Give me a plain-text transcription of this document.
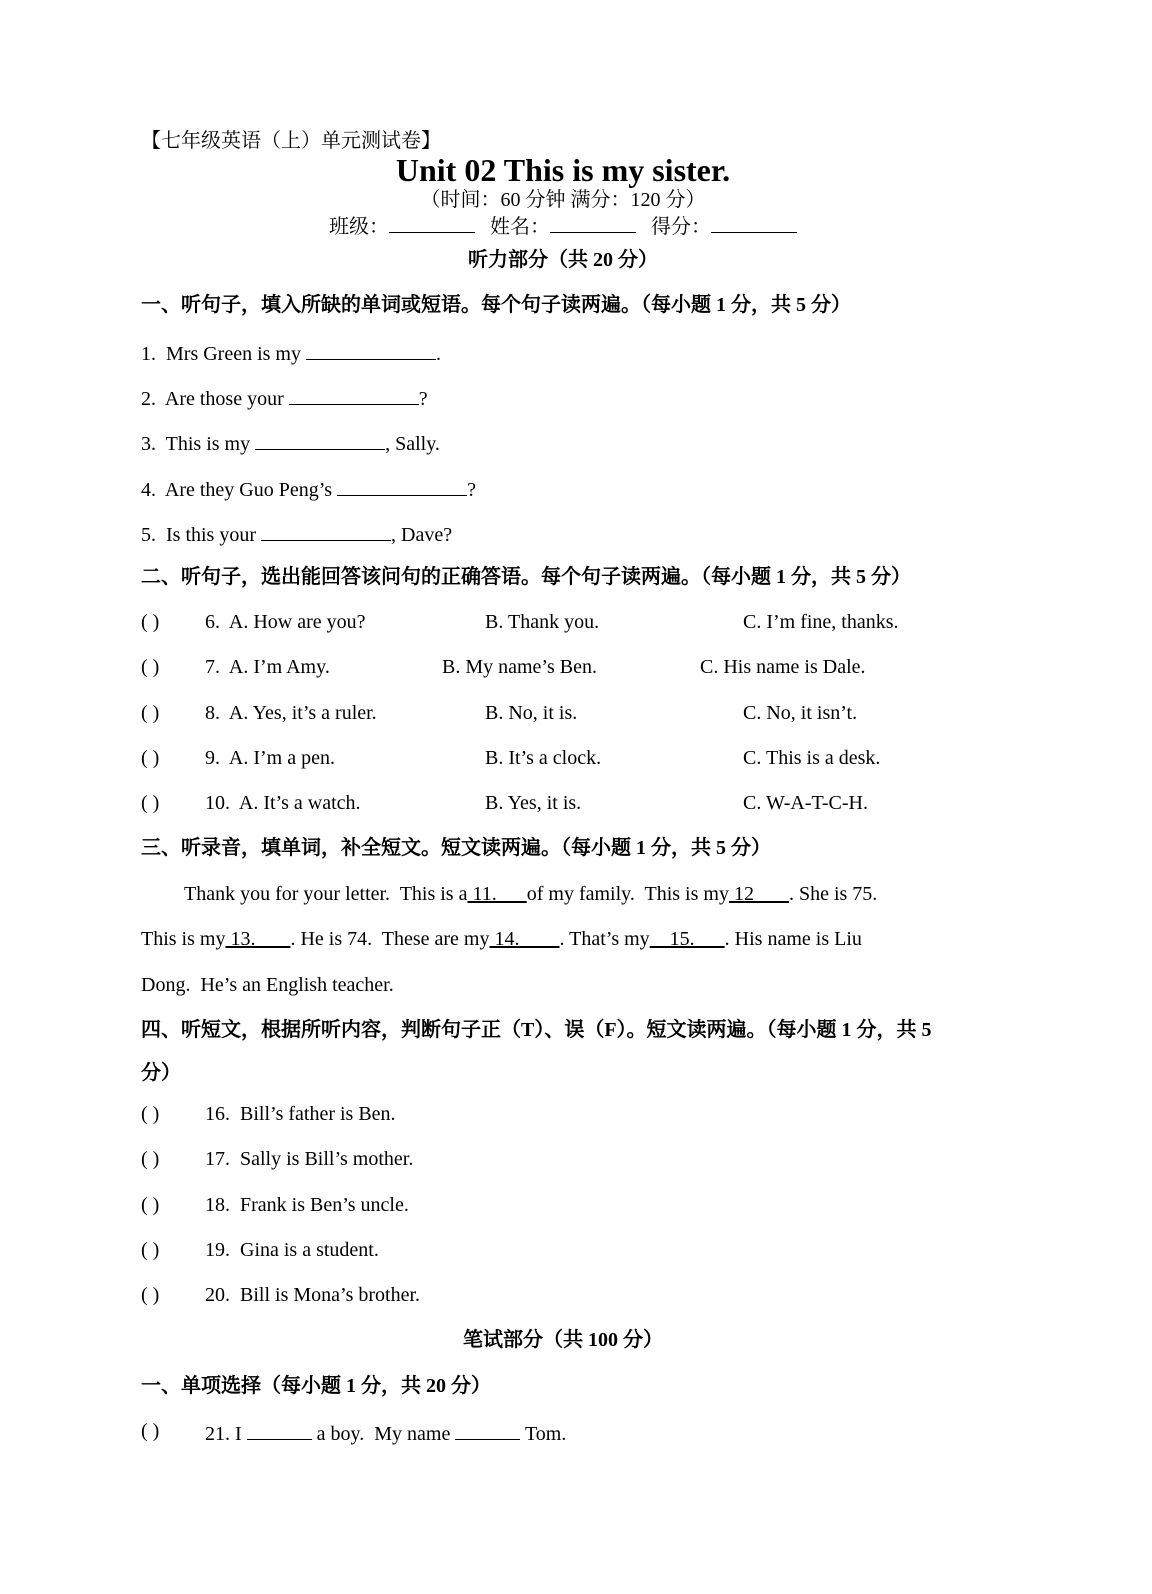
【七年级英语（上）单元测试卷】
Unit 02 This is my sister.
（时间：60 分钟 满分：120 分）
班级：	姓名：	得分：
听力部分（共 20 分）
一、听句子，填入所缺的单词或短语。每个句子读两遍。（每小题 1 分，共 5 分）
1.  Mrs Green is my	.
2.  Are those your	?
3.  This is my	, Sally.
4.  Are they Guo Peng’s	?
5.  Is this your	, Dave?
二、听句子，选出能回答该问句的正确答语。每个句子读两遍。（每小题 1 分，共 5 分）
( ) 6.  A. How are you?	B. Thank you.	C. I’m fine, thanks.
( ) 7.  A. I’m Amy.	B. My name’s Ben.	C. His name is Dale.
( ) 8.  A. Yes, it’s a ruler.	B. No, it is.	C. No, it isn’t.
( ) 9.  A. I’m a pen.	B. It’s a clock.	C. This is a desk.
( ) 10.  A. It’s a watch.	B. Yes, it is.	C. W-A-T-C-H.
三、听录音，填单词，补全短文。短文读两遍。（每小题 1 分，共 5 分）
Thank you for your letter.  This is a 11.      of my family.  This is my 12       . She is 75.
This is my 13.       . He is 74.  These are my 14.        . That’s my    15.      . His name is Liu
Dong.  He’s an English teacher.
四、听短文，根据所听内容，判断句子正（T）、误（F）。短文读两遍。（每小题 1 分，共 5
分）
( ) 16.  Bill’s father is Ben.
( ) 17.  Sally is Bill’s mother.
( ) 18.  Frank is Ben’s uncle.
( ) 19.  Gina is a student.
( ) 20.  Bill is Mona’s brother.
笔试部分（共 100 分）
一、单项选择（每小题 1 分，共 20 分）
( ) 21. I	a boy.  My name	Tom.
